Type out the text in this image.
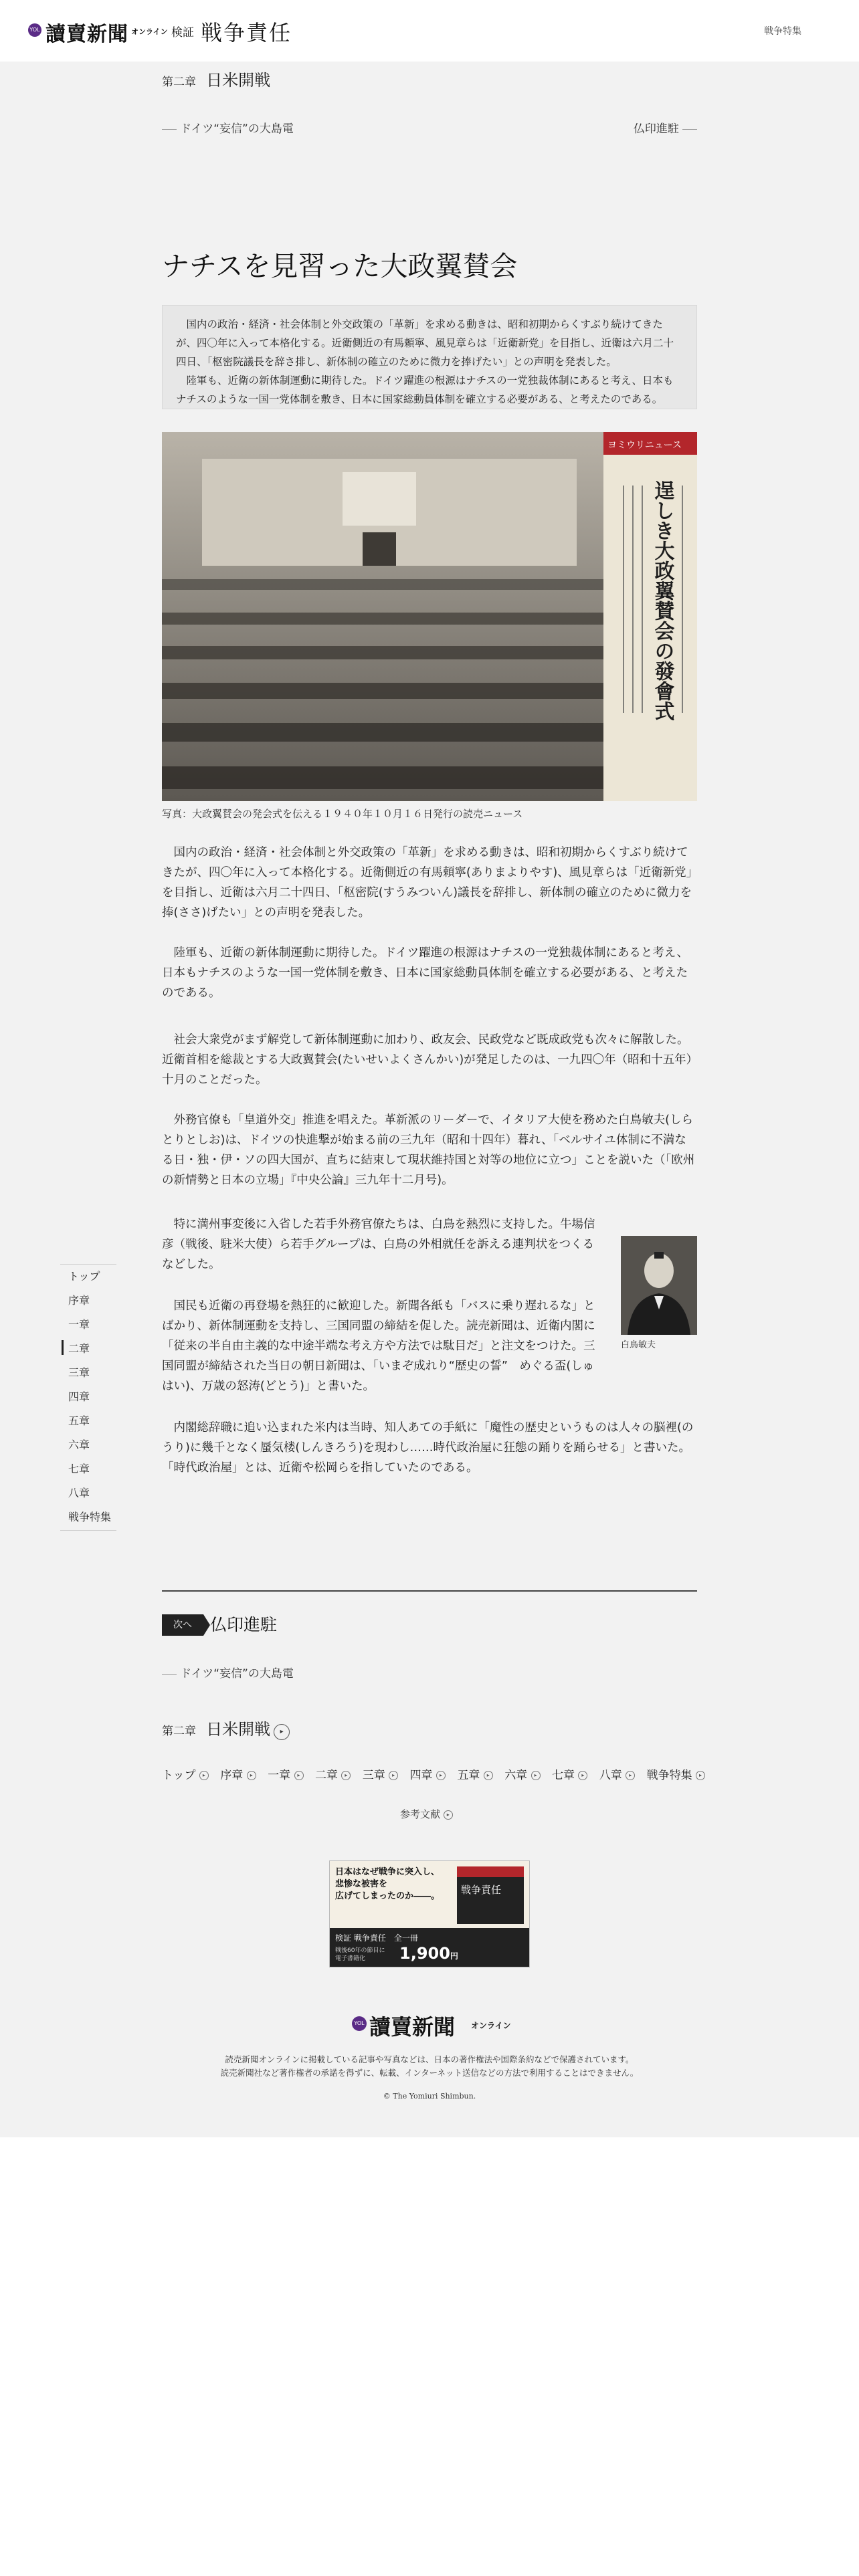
YOL 讀賣新聞 オンライン 検証 戦争責任	戦争特集
第二章 日米開戦
ドイツ“妄信”の大島電	仏印進駐
ナチスを見習った大政翼賛会

国内の政治・経済・社会体制と外交政策の「革新」を求める動きは、昭和初期からくすぶり続けてきたが、四〇年に入って本格化する。近衛側近の有馬頼寧、風見章らは「近衛新党」を目指し、近衛は六月二十四日、「枢密院議長を辞さ排し、新体制の確立のために微力を捧げたい」との声明を発表した。

陸軍も、近衛の新体制運動に期待した。ドイツ躍進の根源はナチスの一党独裁体制にあると考え、日本もナチスのような一国一党体制を敷き、日本に国家総動員体制を確立する必要がある、と考えたのである。

ヨミウリニュース
逞しき大政翼賛会の發會式
写真：大政翼賛会の発会式を伝える１９４０年１０月１６日発行の読売ニュース

国内の政治・経済・社会体制と外交政策の「革新」を求める動きは、昭和初期からくすぶり続けてきたが、四〇年に入って本格化する。近衛側近の有馬頼寧(ありまよりやす)、風見章らは「近衛新党」を目指し、近衛は六月二十四日、「枢密院(すうみついん)議長を辞排し、新体制の確立のために微力を捧(ささ)げたい」との声明を発表した。

陸軍も、近衛の新体制運動に期待した。ドイツ躍進の根源はナチスの一党独裁体制にあると考え、日本もナチスのような一国一党体制を敷き、日本に国家総動員体制を確立する必要がある、と考えたのである。

社会大衆党がまず解党して新体制運動に加わり、政友会、民政党など既成政党も次々に解散した。近衛首相を総裁とする大政翼賛会(たいせいよくさんかい)が発足したのは、一九四〇年（昭和十五年）十月のことだった。

外務官僚も「皇道外交」推進を唱えた。革新派のリーダーで、イタリア大使を務めた白鳥敏夫(しらとりとしお)は、ドイツの快進撃が始まる前の三九年（昭和十四年）暮れ、「ベルサイユ体制に不満なる日・独・伊・ソの四大国が、直ちに結束して現状維持国と対等の地位に立つ」ことを説いた（「欧州の新情勢と日本の立場」『中央公論』三九年十二月号)。

特に満州事変後に入省した若手外務官僚たちは、白鳥を熱烈に支持した。牛場信彦（戦後、駐米大使）ら若手グループは、白鳥の外相就任を訴える連判状をつくるなどした。

国民も近衛の再登場を熱狂的に歓迎した。新聞各紙も「バスに乗り遅れるな」とばかり、新体制運動を支持し、三国同盟の締結を促した。読売新聞は、近衛内閣に「従来の半自由主義的な中途半端な考え方や方法では駄目だ」と注文をつけた。三国同盟が締結された当日の朝日新聞は、「いまぞ成れり“歴史の誓”　めぐる盃(しゅはい)、万歳の怒涛(どとう)」と書いた。

内閣総辞職に追い込まれた米内は当時、知人あての手紙に「魔性の歴史というものは人々の脳裡(のうり)に幾千となく蜃気楼(しんきろう)を現わし……時代政治屋に狂態の踊りを踊らせる」と書いた。「時代政治屋」とは、近衛や松岡らを指していたのである。

白鳥敏夫
トップ
序章
一章
二章
三章
四章
五章
六章
七章
八章
戦争特集
次へ	仏印進駐
ドイツ“妄信”の大島電
第二章 日米開戦 ▸
トップ ▸ 序章 ▸ 一章 ▸ 二章 ▸ 三章 ▸ 四章 ▸ 五章 ▸ 六章 ▸ 七章 ▸ 八章 ▸ 戦争特集 ▸
参考文献 ▸
日本はなぜ戦争に突入し、
悲惨な被害を
広げてしまったのか――。
戦争責任
検証 戦争責任　全一冊
戦後60年の節目に
電子書籍化	1,900円
YOL 讀賣新聞 オンライン
読売新聞オンラインに掲載している記事や写真などは、日本の著作権法や国際条約などで保護されています。
読売新聞社など著作権者の承諾を得ずに、転載、インターネット送信などの方法で利用することはできません。
© The Yomiuri Shimbun.
